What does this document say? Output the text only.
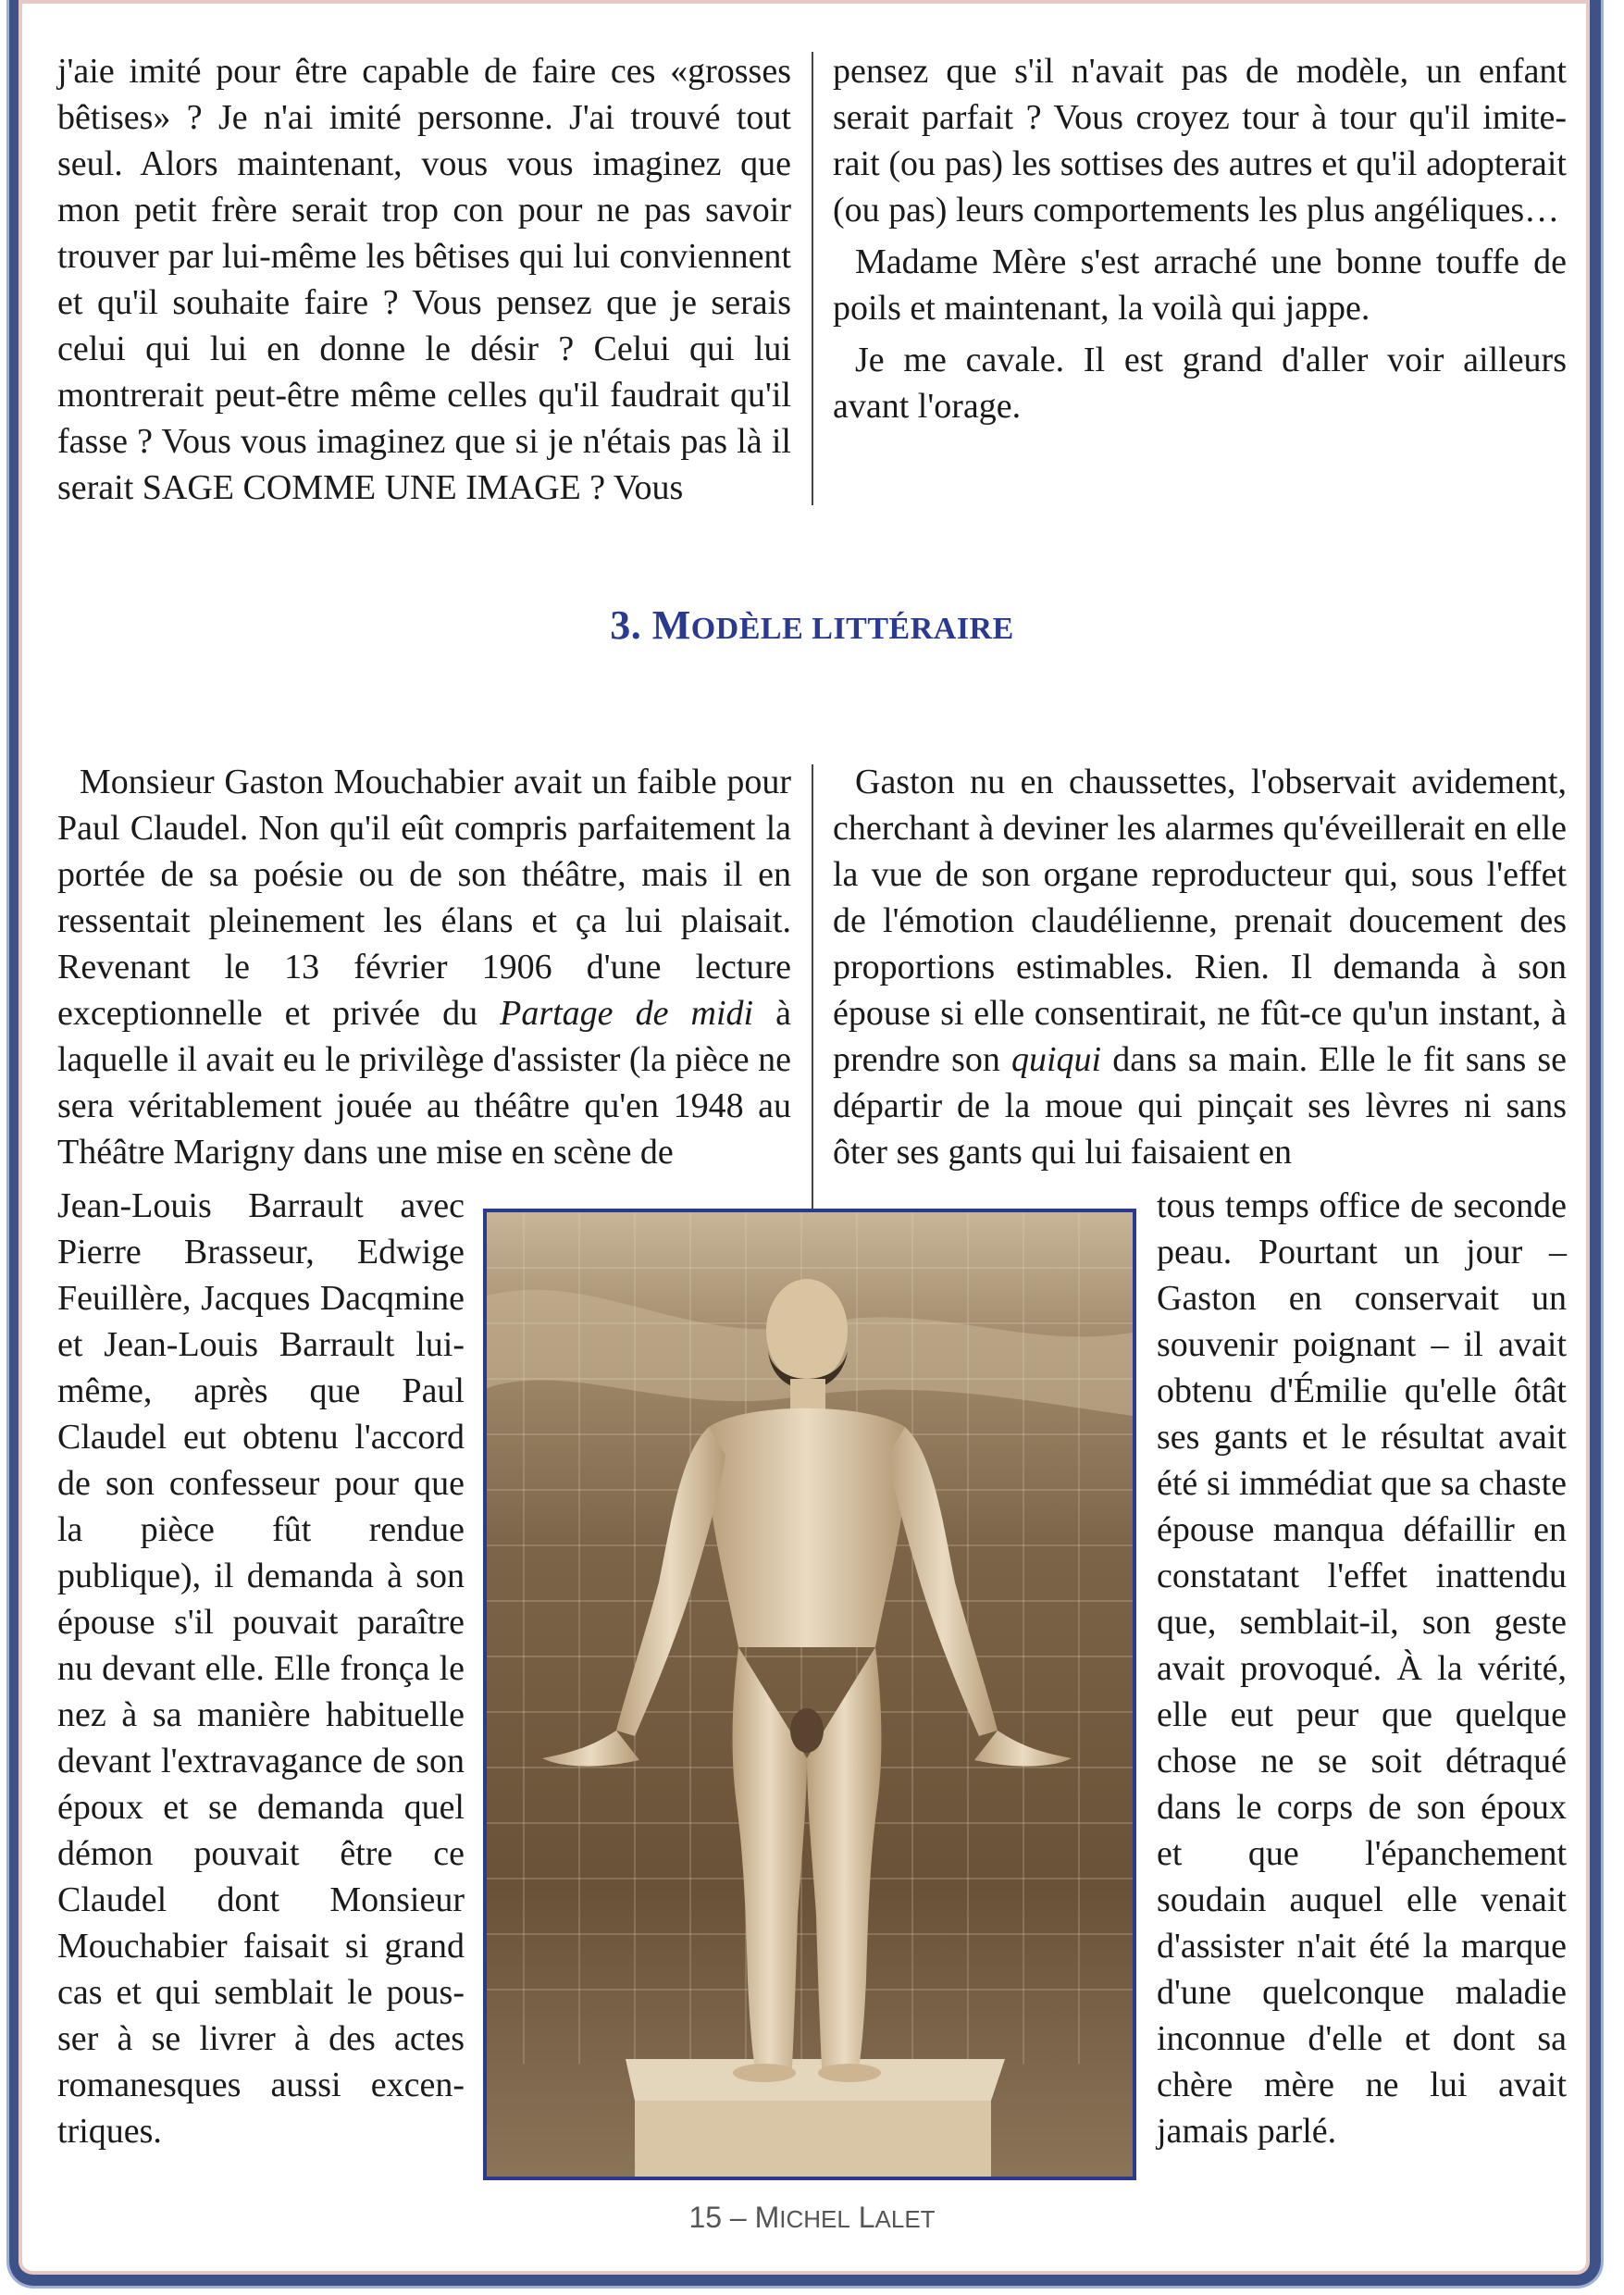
j'aie imité pour être capable de faire ces «grosses bêtises» ? Je n'ai imité personne. J'ai trouvé tout seul. Alors maintenant, vous vous imaginez que mon petit frère serait trop con pour ne pas savoir trouver par lui-même les bêtises qui lui conviennent et qu'il souhaite faire ? Vous pensez que je serais celui qui lui en donne le désir ? Celui qui lui montrerait peut-être même celles qu'il faudrait qu'il fasse ? Vous vous imaginez que si je n'étais pas là il serait SAGE COMME UNE IMAGE ? Vous

pensez que s'il n'avait pas de modèle, un enfant serait parfait ? Vous croyez tour à tour qu'il imiterait (ou pas) les sottises des autres et qu'il adopterait (ou pas) leurs comportements les plus angéliques…

Madame Mère s'est arraché une bonne touffe de poils et maintenant, la voilà qui jappe.

Je me cavale. Il est grand d'aller voir ailleurs avant l'orage.

3. MODÈLE LITTÉRAIRE

Monsieur Gaston Mouchabier avait un faible pour Paul Claudel. Non qu'il eût compris parfaitement la portée de sa poésie ou de son théâtre, mais il en ressentait pleinement les élans et ça lui plaisait. Revenant le 13 février 1906 d'une lecture exceptionnelle et privée du Partage de midi à laquelle il avait eu le privilège d'assister (la pièce ne sera véritablement jouée au théâtre qu'en 1948 au Théâtre Marigny dans une mise en scène de

Gaston nu en chaussettes, l'observait avidement, cherchant à deviner les alarmes qu'éveillerait en elle la vue de son organe reproducteur qui, sous l'effet de l'émotion claudélienne, prenait doucement des proportions estimables. Rien. Il demanda à son épouse si elle consentirait, ne fût-ce qu'un instant, à prendre son quiqui dans sa main. Elle le fit sans se départir de la moue qui pinçait ses lèvres ni sans ôter ses gants qui lui faisaient en

Jean-Louis Barrault avec Pierre Brasseur, Edwige Feuillère, Jacques Dacqmine et Jean-Louis Barrault lui-même, après que Paul Claudel eut obtenu l'accord de son confesseur pour que la pièce fût rendue publique), il demanda à son épouse s'il pouvait paraître nu devant elle. Elle fronça le nez à sa manière habituelle devant l'extravagance de son époux et se demanda quel démon pouvait être ce Claudel dont Monsieur Mouchabier faisait si grand cas et qui semblait le pousser à se livrer à des actes romanesques aussi excentriques.

tous temps office de seconde peau. Pourtant un jour – Gaston en conservait un souvenir poignant – il avait obtenu d'Émilie qu'elle ôtât ses gants et le résultat avait été si immédiat que sa chaste épouse manqua défaillir en constatant l'effet inattendu que, semblait-il, son geste avait provoqué. À la vérité, elle eut peur que quelque chose ne se soit détraqué dans le corps de son époux et que l'épanchement soudain auquel elle venait d'assister n'ait été la marque d'une quelconque maladie inconnue d'elle et dont sa chère mère ne lui avait jamais parlé.

15 – MICHEL LALET
